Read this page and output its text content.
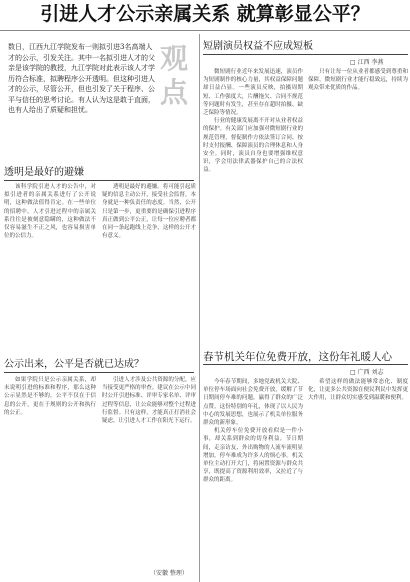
引进人才公示亲属关系 就算彰显公平？
数日，江西九江学院发布一则拟引进3名高端人才的公示，引发关注。其中一名拟引进人才的父亲是该学院的教授，九江学院对此表示该人才学历符合标准，拟聘程序公开透明。但这种引进人才的公示，尽管公开，但也引发了关于程序、公平与信任的思考讨论。有人认为这是敢于直面，也有人给出了质疑和担忧。
观点
透明是最好的避嫌

该科学院引进人才的公告中，对拟引进者的亲属关系进行了公开说明，这种做法值得肯定。在一些单位的招聘中，人才引进过程中的亲属关系往往是被刻意隐瞒的，这种做法不仅容易滋生不正之风，也容易损害单位的公信力。

透明是最好的避嫌。将可能引起质疑的信息主动公开，接受社会监督，本身就是一种负责任的态度。当然，公开只是第一步，更重要的是确保引进程序真正做到公平公正，让每一位应聘者都在同一条起跑线上竞争，这样的公开才有意义。

公示出来，公平是否就已达成？

如果学院只是公示亲属关系，却未说明引进的标准和程序，那么这种公示显然是不够的。公平不仅在于信息的公开，更在于规则的公开和执行的公正。

引进人才涉及公共资源的分配，应当接受更严格的审查。建议在公示中同时公开引进标准、评审专家名单、评审过程等信息，让公众能够对整个过程进行监督。只有这样，才能真正打消社会疑虑，让引进人才工作在阳光下运行。

（安徽 整理）
短剧演员权益不应成短板
□ 江西 李燕

微短剧行业近年来发展迅速，演员作为短剧制作的核心力量，其权益保障问题却日益凸显。一些演员反映，拍摄周期短、工作强度大，片酬拖欠、合同不规范等问题时有发生，甚至存在超时拍摄、缺乏保险等情况。

行业的健康发展离不开对从业者权益的保护。有关部门应加强对微短剧行业的规范管理，督促制作方依法签订合同、按时支付报酬、保障演员的合理休息和人身安全。同时，演员自身也要增强维权意识，学会用法律武器保护自己的合法权益。

只有让每一位从业者都感受到尊重和保障，微短剧行业才能行稳致远，持续为观众带来优质的作品。

春节机关年位免费开放，这份年礼暖人心
□ 广西 刘志

今年春节期间，多地党政机关大院、单位停车场面向社会免费开放，缓解了节日期间停车难的问题，赢得了群众的广泛点赞。这份特别的年礼，体现了以人民为中心的发展思想，也展示了机关单位服务群众的新形象。

机关停车位免费开放看似是一件小事，却关系到群众的切身利益。节日期间，走亲访友、外出购物的人流车流明显增加，停车难成为许多人的烦心事。机关单位主动打开大门，将闲置资源与群众共享，既提高了资源利用效率，又拉近了与群众的距离。

希望这样的做法能够常态化、制度化，让更多公共资源在便民利民中发挥更大作用，让群众切实感受到温暖和便利。
